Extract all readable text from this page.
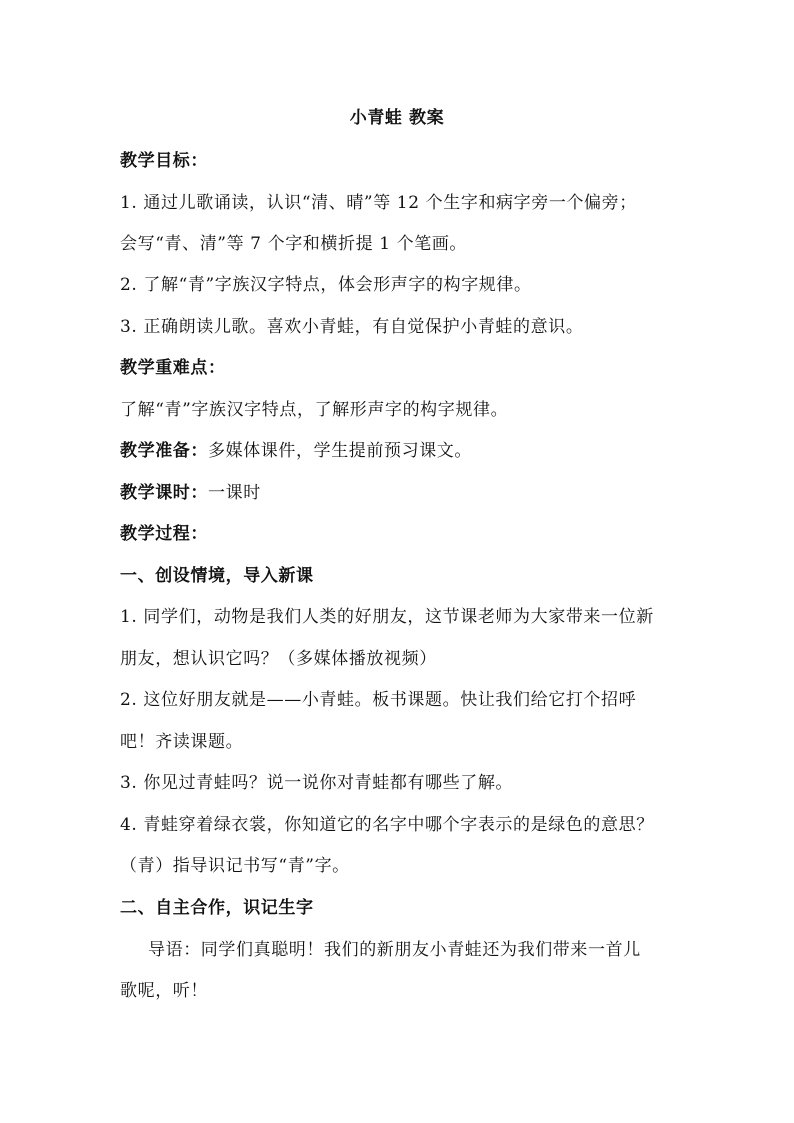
小青蛙 教案
教学目标：
1. 通过儿歌诵读，认识“清、晴”等 12 个生字和病字旁一个偏旁；
会写“青、清”等 7 个字和横折提 1 个笔画。
2. 了解“青”字族汉字特点，体会形声字的构字规律。
3. 正确朗读儿歌。喜欢小青蛙，有自觉保护小青蛙的意识。
教学重难点：
了解“青”字族汉字特点，了解形声字的构字规律。
教学准备：多媒体课件，学生提前预习课文。
教学课时：一课时
教学过程：
一、创设情境，导入新课
1. 同学们，动物是我们人类的好朋友，这节课老师为大家带来一位新
朋友，想认识它吗？（多媒体播放视频）
2. 这位好朋友就是——小青蛙。板书课题。快让我们给它打个招呼
吧！齐读课题。
3. 你见过青蛙吗？说一说你对青蛙都有哪些了解。
4. 青蛙穿着绿衣裳，你知道它的名字中哪个字表示的是绿色的意思？
（青）指导识记书写“青”字。
二、自主合作，识记生字
导语：同学们真聪明！我们的新朋友小青蛙还为我们带来一首儿
歌呢，听！
